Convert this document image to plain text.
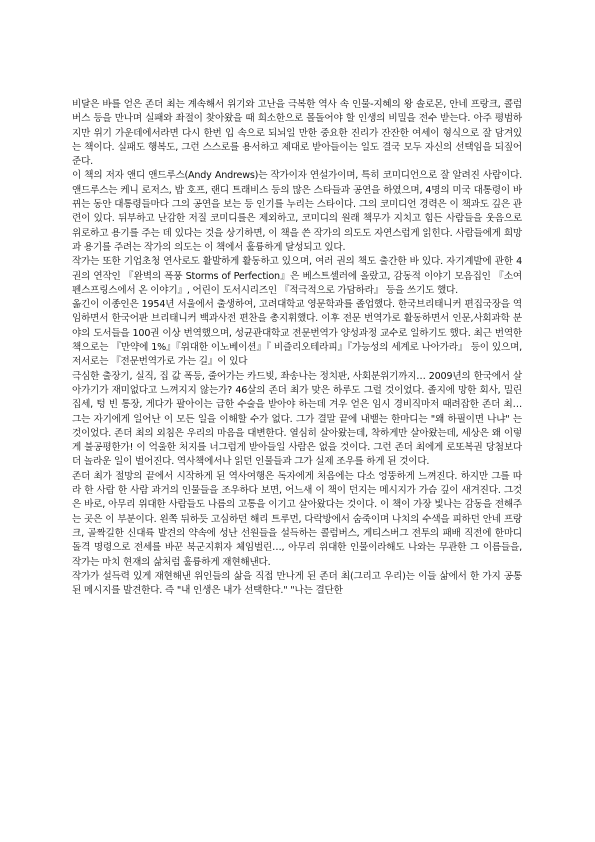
비달은 바를 얻은 존더 최는 계속해서 위기와 고난을 극복한 역사 속 인물-지혜의 왕 솔로몬, 안네 프랑크, 콜럼버스 등을 만나며 실패와 좌절이 찾아왔을 때 희소한으로 몰돌어야 할 인생의 비밀을 전수 받는다. 아주 평범하지만 위기 가운데에서라면 다시 한번 입 속으로 되뇌일 만한 중요한 진리가 잔잔한 여세이 형식으로 잘 담겨있는 책이다. 실패도 행복도, 그런 스스로를 용서하고 제대로 받아들이는 일도 결국 모두 자신의 선택임을 되짚어준다.

이 책의 저자 앤디 앤드루스(Andy Andrews)는 작가이자 연설가이며, 특히 코미디언으로 잘 알려진 사람이다. 앤드루스는 케니 로저스, 밥 호프, 랜디 트래비스 등의 많은 스타들과 공연을 하였으며, 4명의 미국 대통령이 바뀌는 동안 대통령들마다 그의 공연을 보는 등 인기를 누리는 스타이다. 그의 코미디언 경력은 이 책과도 깊은 관련이 있다. 뒤부하고 난감한 저질 코미디를은 제외하고, 코미디의 원래 책무가 지치고 힘든 사람들을 웃음으로 위로하고 용기를 주는 데 있다는 것을 상기하면, 이 책을 쓴 작가의 의도도 자연스럽게 읽힌다. 사람들에게 희망과 용기를 주려는 작가의 의도는 이 책에서 훌륭하게 달성되고 있다.

작가는 또한 기업초청 연사로도 활발하게 활동하고 있으며, 여러 권의 책도 출간한 바 있다. 자기계발에 관한 4권의 연작인 『완벽의 폭풍 Storms of Perfection』은 베스트셀러에 올랐고, 감동적 이야기 모음집인 『소여펜스프링스에서 온 이야기』, 어린이 도서시리즈인 『적극적으로 가담하라』 등을 쓰기도 했다.

옮긴이 이종인은 1954년 서울에서 출생하여, 고려대학교 영문학과를 졸업했다. 한국브리태니커 편집국장을 역임하면서 한국어판 브리태니커 백과사전 편찬을 총지휘했다. 이후 전문 번역가로 활동하면서 인문,사회과학 분야의 도서들을 100권 이상 번역했으며, 성균관대학교 전문번역가 양성과정 교수로 일하기도 했다. 최근 번역한 책으로는 『만약에 1%』『위대한 이노베이션』『 비즐리오테라피』『가능성의 세계로 나아가라』 등이 있으며, 저서로는 『전문번역가로 가는 길』이 있다

극심한 출장기, 실직, 집 값 폭등, 줄어가는 카드빚, 좌송나는 정치판, 사회분위기까지… 2009년의 한국에서 살아가기가 재미없다고 느껴지지 않는가? 46살의 존더 최가 맞은 하루도 그럴 것이었다. 졸지에 망한 회사, 밀린 집세, 텅 빈 통장, 게다가 팔아이는 급한 수술을 받아야 하는데 겨우 얻은 임시 경비직마저 때려잡한 존더 최… 그는 자기에게 일어난 이 모든 일을 이해할 수가 없다. 그가 결말 끝에 내뱉는 한마디는 "왜 하필이면 나냐" 는 것이었다. 존더 최의 외침은 우리의 마음을 대변한다. 열심히 살아왔는데, 착하게만 살아왔는데, 세상은 왜 이렇게 불공평한가! 이 억울한 처지를 너그럽게 받아들일 사람은 없을 것이다. 그런 존더 최에게 로또복권 당첨보다 더 놀라운 일이 벌어진다. 역사책에서나 읽던 인물들과 그가 실제 조우를 하게 된 것이다.

존더 최가 절망의 끝에서 시작하게 된 역사여행은 독자에게 처음에는 다소 엉뚱하게 느껴진다. 하지만 그를 따라 한 사람 한 사람 과거의 인물들을 조우하다 보면, 어느새 이 책이 던지는 메시지가 가슴 깊이 새겨진다. 그것은 바로, 아무리 위대한 사람들도 나름의 고통을 이기고 살아왔다는 것이다. 이 책이 가장 빛나는 감동을 전해주는 곳은 이 부분이다. 왼쪽 뒤하듯 고심하던 해리 트루먼, 다락방에서 숨죽이며 나치의 수색을 피하던 안네 프랑크, 골짝길한 신대륙 발견의 약속에 성난 선원들을 설득하는 콜럼버스, 게티스버그 전투의 패배 직전에 한마디 돌격 명령으로 전세를 바꾼 북군지휘자 체임벌린…, 아무리 위대한 인물이라해도 나와는 무관한 그 이름들을, 작가는 마치 현재의 삶처럼 훌륭하게 재현해낸다.

작가가 설득력 있게 재현해낸 위인들의 삶을 직접 만나게 된 존더 최(그리고 우리)는 이들 삶에서 한 가지 공통된 메시지를 발견한다. 즉 "내 인생은 내가 선택한다." "나는 결단한
